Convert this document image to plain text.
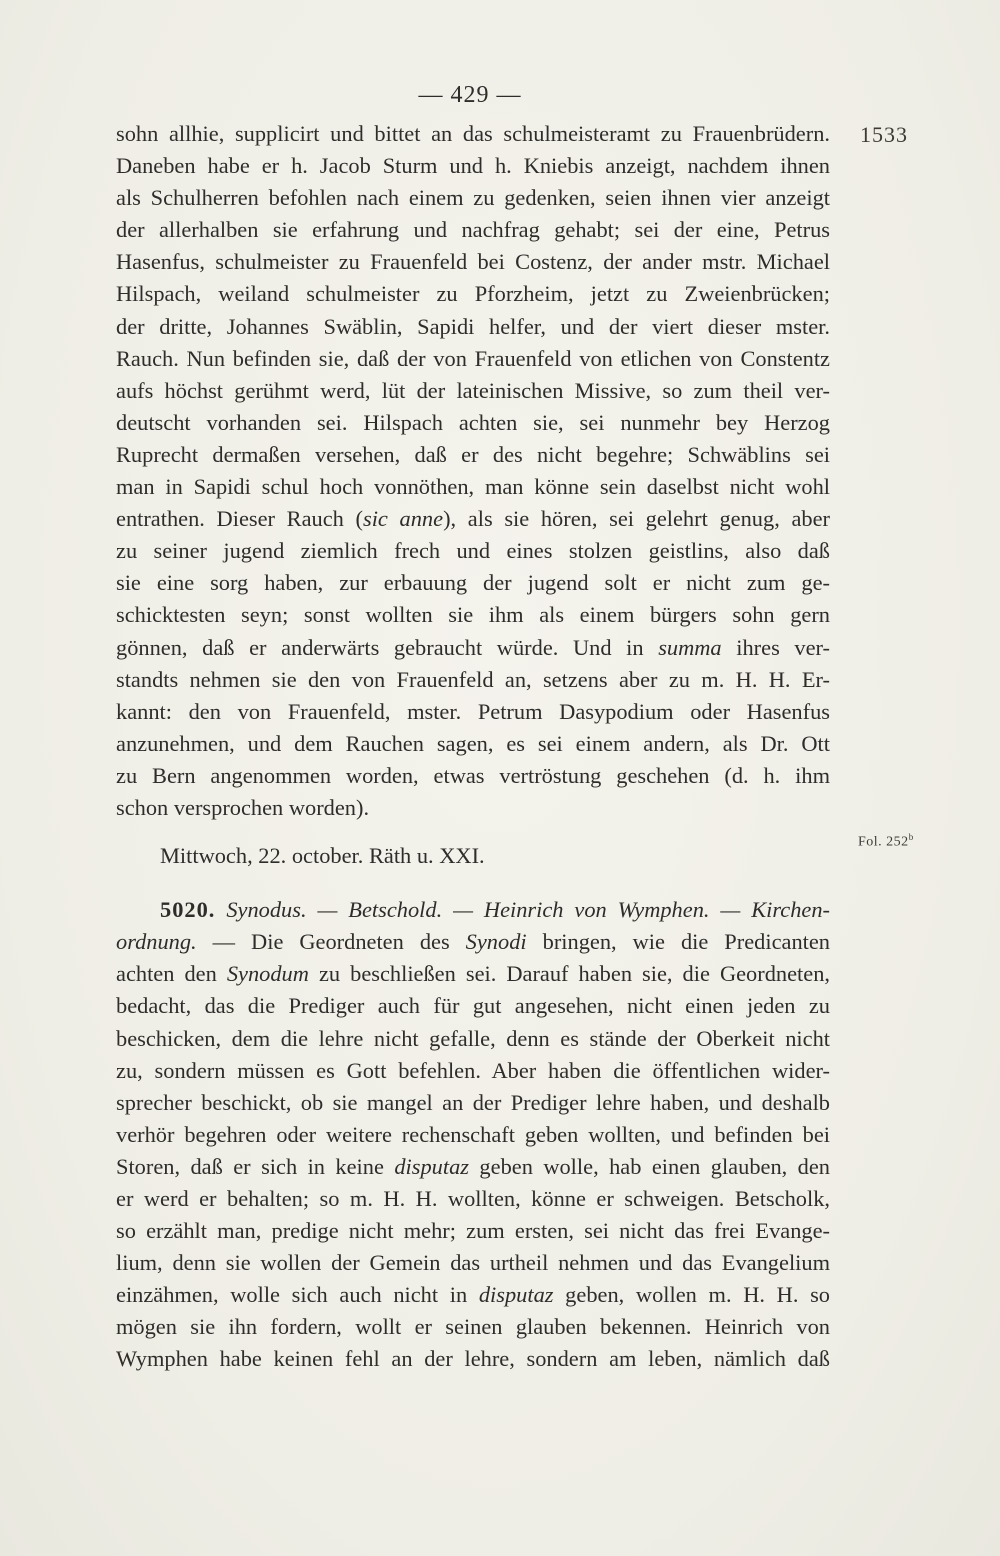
— 429 —
1533
Fol. 252$^b$
sohn allhie, supplicirt und bittet an das schulmeisteramt zu Frauenbrüdern.
Daneben habe er h. Jacob Sturm und h. Kniebis anzeigt, nachdem ihnen
als Schulherren befohlen nach einem zu gedenken, seien ihnen vier anzeigt
der allerhalben sie erfahrung und nachfrag gehabt; sei der eine, Petrus
Hasenfus, schulmeister zu Frauenfeld bei Costenz, der ander mstr. Michael
Hilspach, weiland schulmeister zu Pforzheim, jetzt zu Zweienbrücken;
der dritte, Johannes Swäblin, Sapidi helfer, und der viert dieser mster.
Rauch. Nun befinden sie, daß der von Frauenfeld von etlichen von Constentz
aufs höchst gerühmt werd, lüt der lateinischen Missive, so zum theil ver-
deutscht vorhanden sei. Hilspach achten sie, sei nunmehr bey Herzog
Ruprecht dermaßen versehen, daß er des nicht begehre; Schwäblins sei
man in Sapidi schul hoch vonnöthen, man könne sein daselbst nicht wohl
entrathen. Dieser Rauch (sic anne), als sie hören, sei gelehrt genug, aber
zu seiner jugend ziemlich frech und eines stolzen geistlins, also daß
sie eine sorg haben, zur erbauung der jugend solt er nicht zum ge-
schicktesten seyn; sonst wollten sie ihm als einem bürgers sohn gern
gönnen, daß er anderwärts gebraucht würde. Und in summa ihres ver-
standts nehmen sie den von Frauenfeld an, setzens aber zu m. H. H. Er-
kannt: den von Frauenfeld, mster. Petrum Dasypodium oder Hasenfus
anzunehmen, und dem Rauchen sagen, es sei einem andern, als Dr. Ott
zu Bern angenommen worden, etwas vertröstung geschehen (d. h. ihm
schon versprochen worden).
Mittwoch, 22. october. Räth u. XXI.
5020. Synodus. — Betschold. — Heinrich von Wymphen. — Kirchen-
ordnung. — Die Geordneten des Synodi bringen, wie die Predicanten
achten den Synodum zu beschließen sei. Darauf haben sie, die Geordneten,
bedacht, das die Prediger auch für gut angesehen, nicht einen jeden zu
beschicken, dem die lehre nicht gefalle, denn es stände der Oberkeit nicht
zu, sondern müssen es Gott befehlen. Aber haben die öffentlichen wider-
sprecher beschickt, ob sie mangel an der Prediger lehre haben, und deshalb
verhör begehren oder weitere rechenschaft geben wollten, und befinden bei
Storen, daß er sich in keine disputaz geben wolle, hab einen glauben, den
er werd er behalten; so m. H. H. wollten, könne er schweigen. Betscholk,
so erzählt man, predige nicht mehr; zum ersten, sei nicht das frei Evange-
lium, denn sie wollen der Gemein das urtheil nehmen und das Evangelium
einzähmen, wolle sich auch nicht in disputaz geben, wollen m. H. H. so
mögen sie ihn fordern, wollt er seinen glauben bekennen. Heinrich von
Wymphen habe keinen fehl an der lehre, sondern am leben, nämlich daß
